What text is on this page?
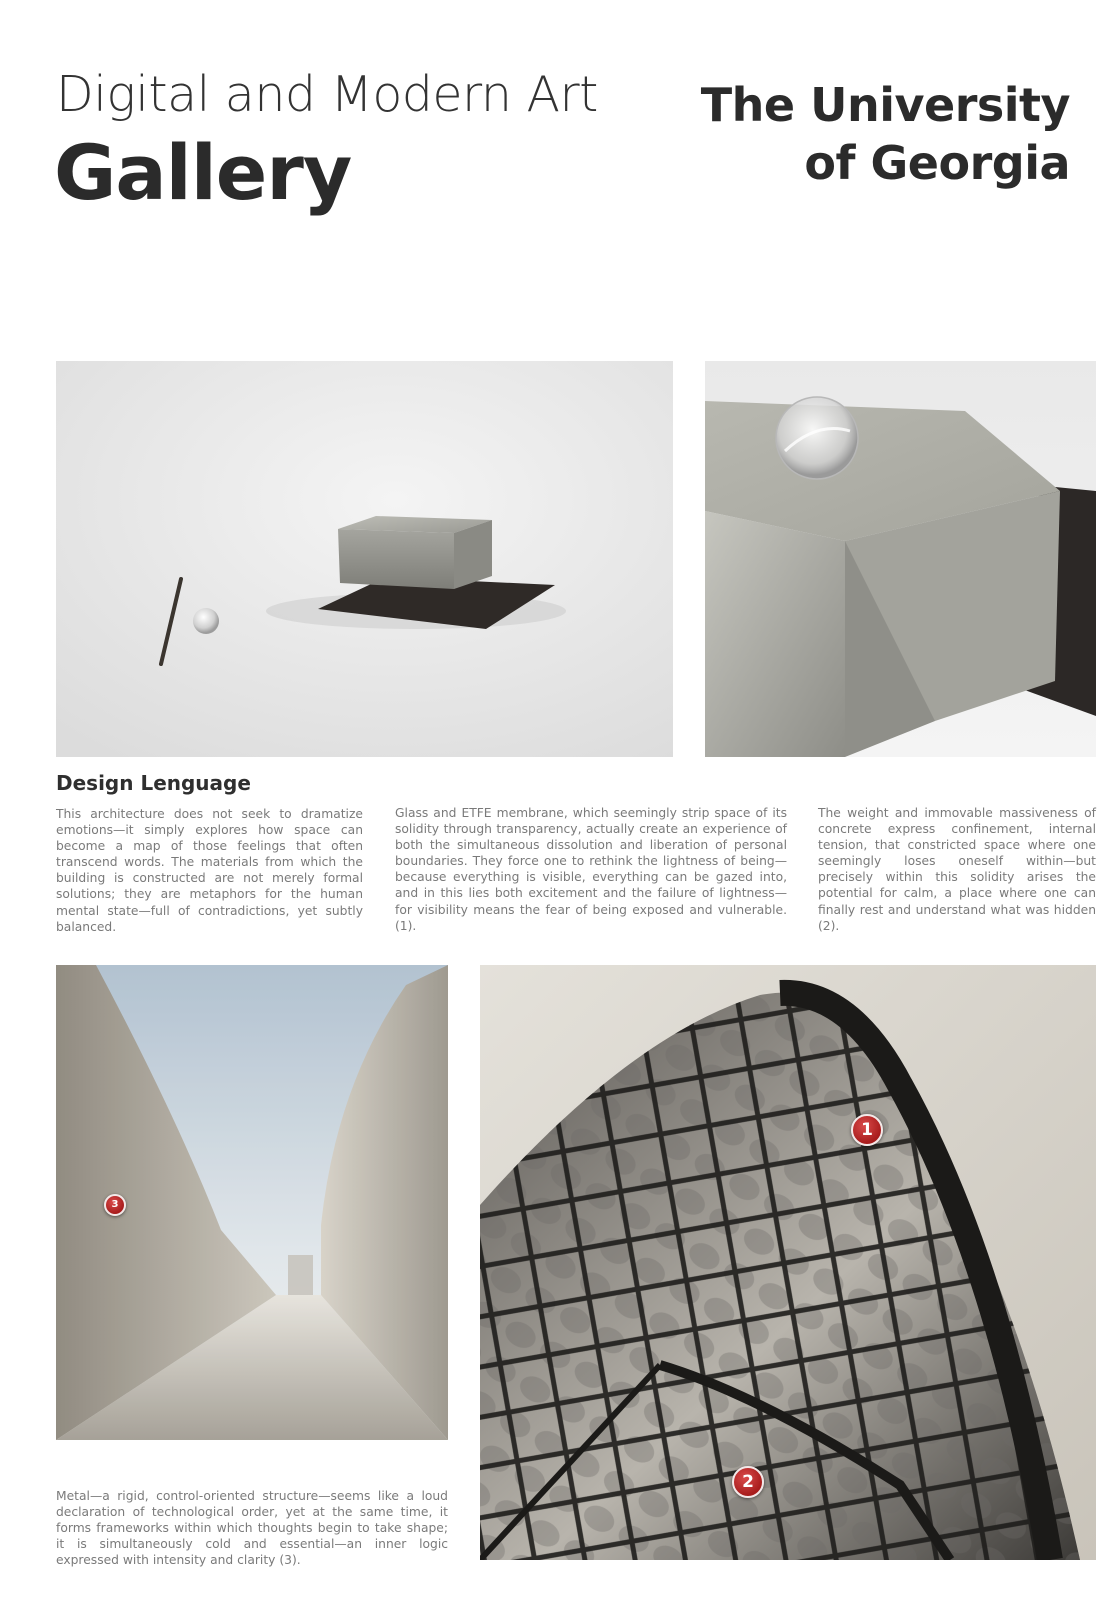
Digital and Modern Art
Gallery
The University
of Georgia
Design Lenguage
This architecture does not seek to dramatize emotions—it simply explores how space can become a map of those feelings that often transcend words. The materials from which the building is constructed are not merely formal solutions; they are metaphors for the human mental state—full of contradictions, yet subtly balanced.
Glass and ETFE membrane, which seemingly strip space of its solidity through transparency, actually create an experience of both the simultaneous dissolution and liberation of personal boundaries. They force one to rethink the lightness of being—because everything is visible, everything can be gazed into, and in this lies both excitement and the failure of lightness—for visibility means the fear of being exposed and vulnerable. (1).
The weight and immovable massiveness of concrete express confinement, internal tension, that constricted space where one seemingly loses oneself within—but precisely within this solidity arises the potential for calm, a place where one can finally rest and understand what was hidden (2).
3
Metal—a rigid, control-oriented structure—seems like a loud declaration of technological order, yet at the same time, it forms frameworks within which thoughts begin to take shape; it is simultaneously cold and essential—an inner logic expressed with intensity and clarity (3).
1
2
